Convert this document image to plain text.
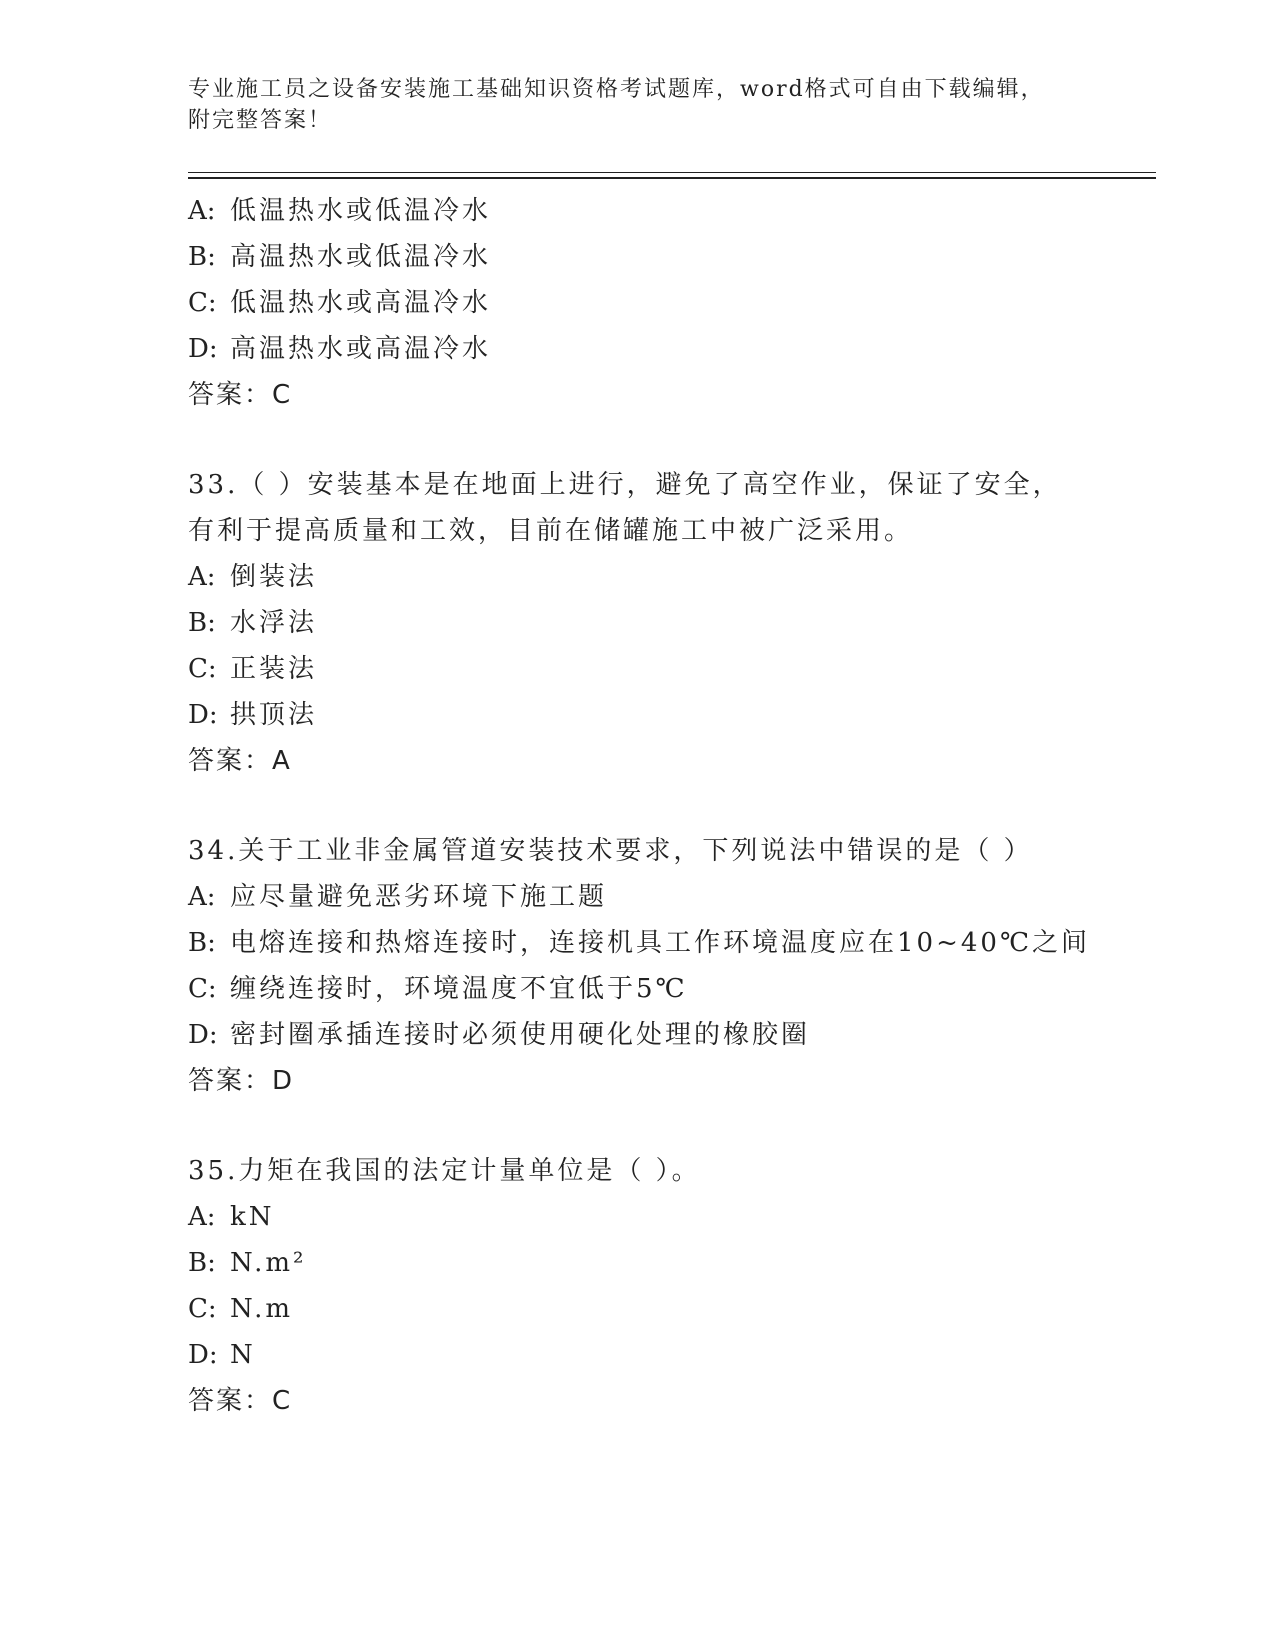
专业施工员之设备安装施工基础知识资格考试题库，word格式可自由下载编辑，
附完整答案！
A: 低温热水或低温冷水
B: 高温热水或低温冷水
C: 低温热水或高温冷水
D: 高温热水或高温冷水
答案：C
33.（ ）安装基本是在地面上进行，避免了高空作业，保证了安全，
有利于提高质量和工效，目前在储罐施工中被广泛采用。
A: 倒装法
B: 水浮法
C: 正装法
D: 拱顶法
答案：A
34.关于工业非金属管道安装技术要求，下列说法中错误的是（ ）
A: 应尽量避免恶劣环境下施工题
B: 电熔连接和热熔连接时，连接机具工作环境温度应在10~40℃之间
C: 缠绕连接时，环境温度不宜低于5℃
D: 密封圈承插连接时必须使用硬化处理的橡胶圈
答案：D
35.力矩在我国的法定计量单位是（ ）。
A: kN
B: N.m²
C: N.m
D: N
答案：C
